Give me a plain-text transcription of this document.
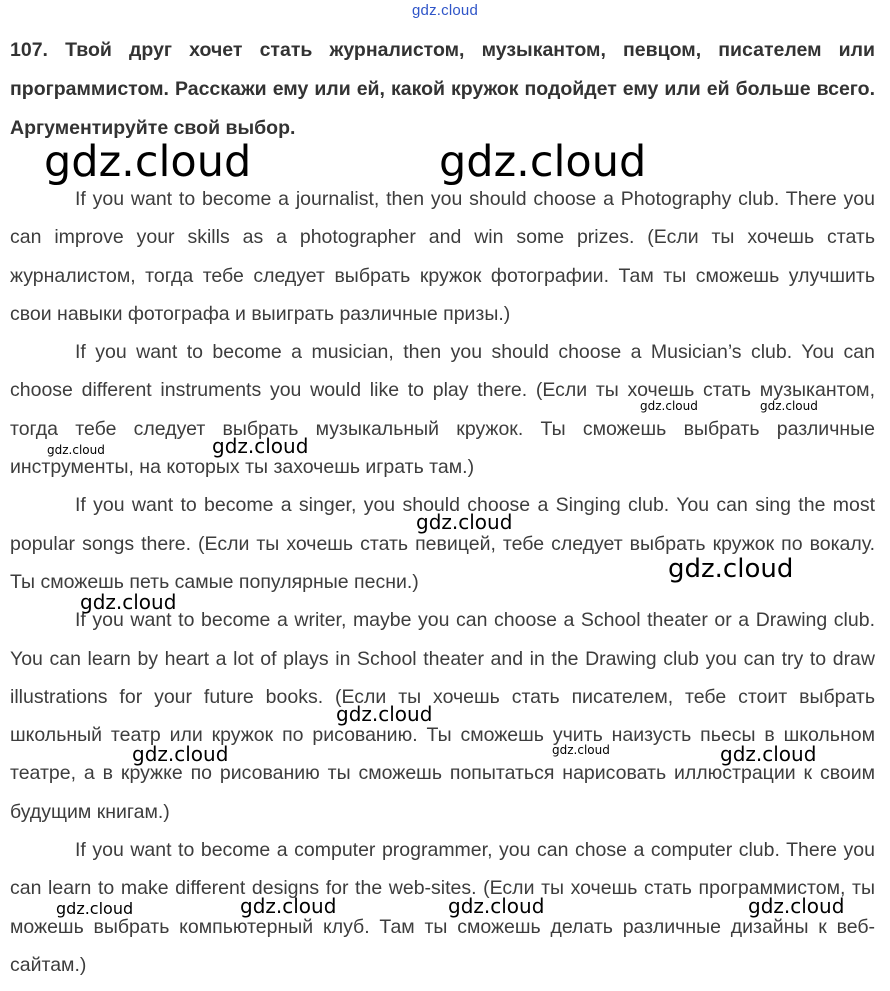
gdz.cloud
107. Твой друг хочет стать журналистом, музыкантом, певцом, писателем или программистом. Расскажи ему или ей, какой кружок подойдет ему или ей больше всего. Аргументируйте свой выбор.

If you want to become a journalist, then you should choose a Photography club. There you can improve your skills as a photographer and win some prizes. (Если ты хочешь стать журналистом, тогда тебе следует выбрать кружок фотографии. Там ты сможешь улучшить свои навыки фотографа и выиграть различные призы.)

If you want to become a musician, then you should choose a Musician’s club. You can choose different instruments you would like to play there. (Если ты хочешь стать музыкантом, тогда тебе следует выбрать музыкальный кружок. Ты сможешь выбрать различные инструменты, на которых ты захочешь играть там.)

If you want to become a singer, you should choose a Singing club. You can sing the most popular songs there. (Если ты хочешь стать певицей, тебе следует выбрать кружок по вокалу. Ты сможешь петь самые популярные песни.)

If you want to become a writer, maybe you can choose a School theater or a Drawing club. You can learn by heart a lot of plays in School theater and in the Drawing club you can try to draw illustrations for your future books. (Если ты хочешь стать писателем, тебе стоит выбрать школьный театр или кружок по рисованию. Ты сможешь учить наизусть пьесы в школьном театре, а в кружке по рисованию ты сможешь попытаться нарисовать иллюстрации к своим будущим книгам.)

If you want to become a computer programmer, you can chose a computer club. There you can learn to make different designs for the web-sites. (Если ты хочешь стать программистом, ты можешь выбрать компьютерный клуб. Там ты сможешь делать различные дизайны к веб-сайтам.)

gdz.cloud	gdz.cloud
gdz.cloud	gdz.cloud
gdz.cloud
gdz.cloud
gdz.cloud
gdz.cloud
gdz.cloud
gdz.cloud
gdz.cloud
gdz.cloud	gdz.cloud
gdz.cloud	gdz.cloud	gdz.cloud
gdz.cloud
